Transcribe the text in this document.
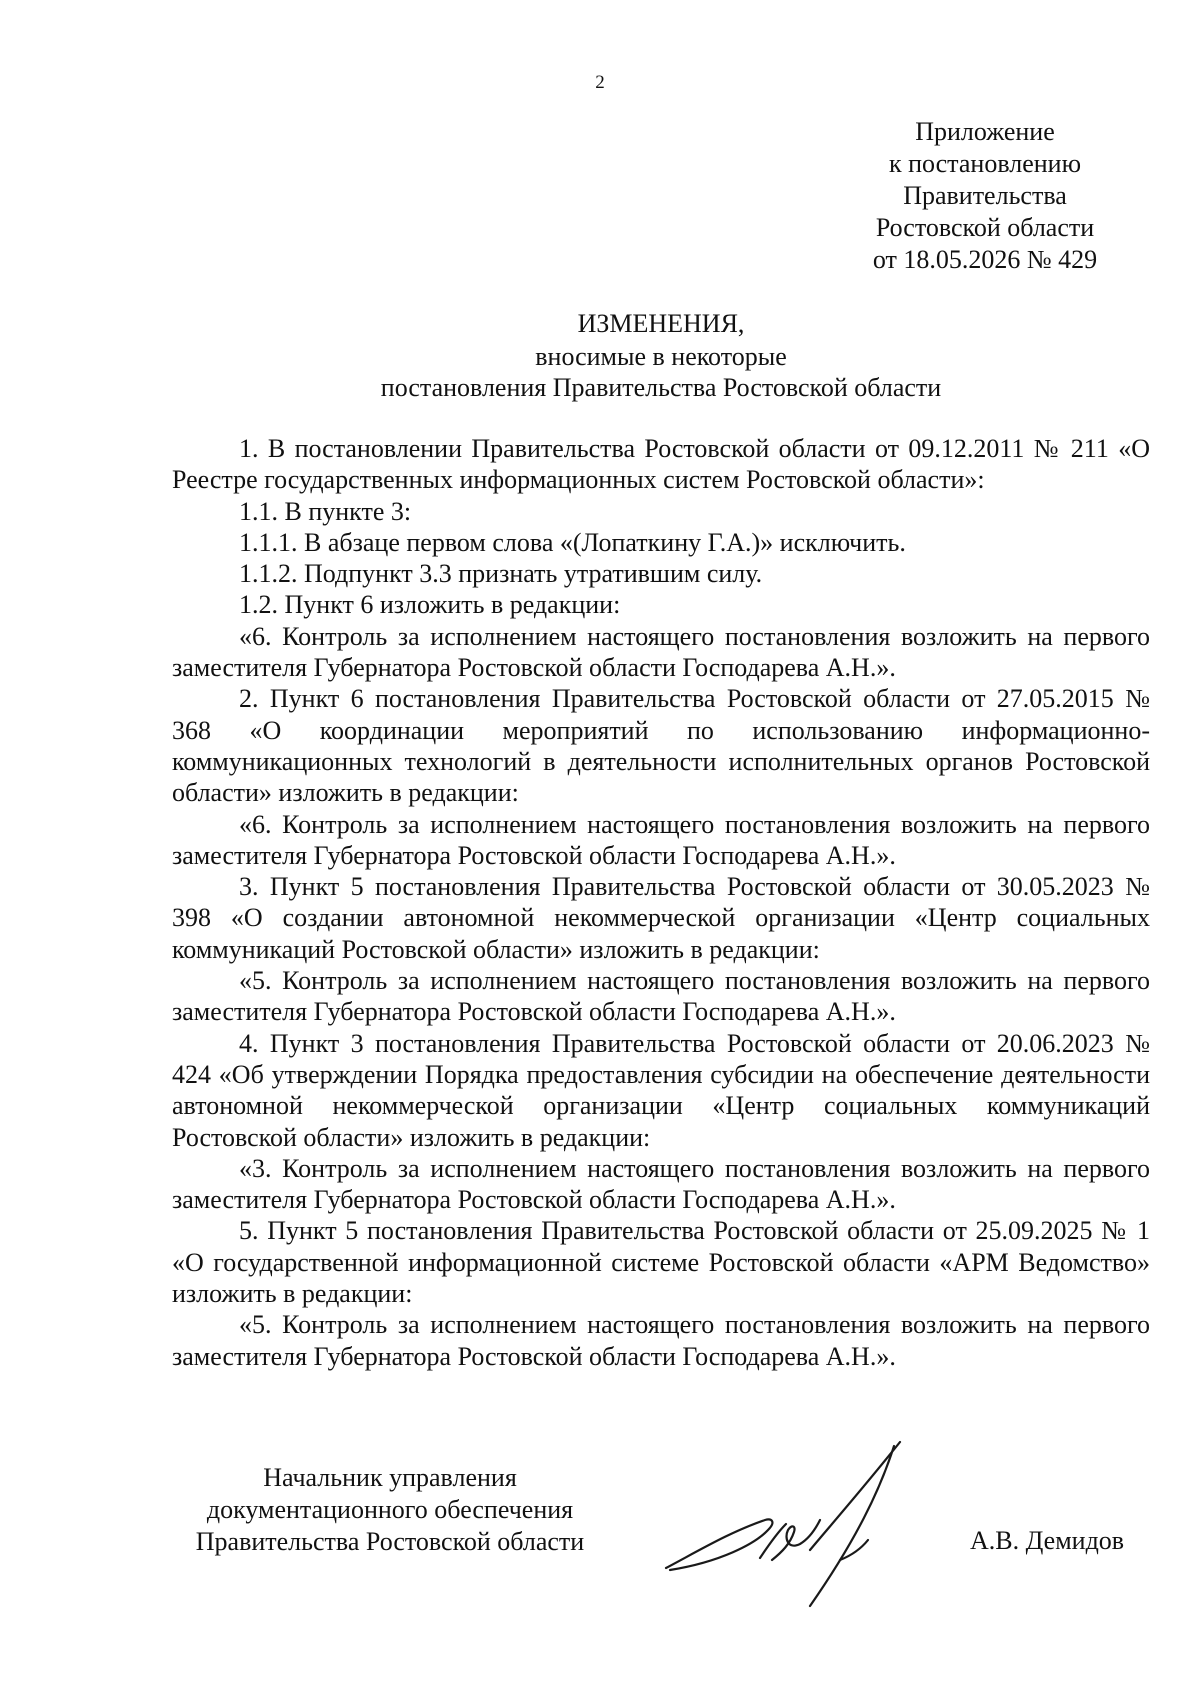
2
Приложение
к постановлению
Правительства
Ростовской области
от 18.05.2026 № 429
ИЗМЕНЕНИЯ,
вносимые в некоторые
постановления Правительства Ростовской области
1. В постановлении Правительства Ростовской области от 09.12.2011 № 211 «О Реестре государственных информационных систем Ростовской области»:
1.1. В пункте 3:
1.1.1. В абзаце первом слова «(Лопаткину Г.А.)» исключить.
1.1.2. Подпункт 3.3 признать утратившим силу.
1.2. Пункт 6 изложить в редакции:
«6. Контроль за исполнением настоящего постановления возложить на первого заместителя Губернатора Ростовской области Господарева А.Н.».
2. Пункт 6 постановления Правительства Ростовской области от 27.05.2015 № 368 «О координации мероприятий по использованию информационно-коммуникационных технологий в деятельности исполнительных органов Ростовской области» изложить в редакции:
«6. Контроль за исполнением настоящего постановления возложить на первого заместителя Губернатора Ростовской области Господарева А.Н.».
3. Пункт 5 постановления Правительства Ростовской области от 30.05.2023 № 398 «О создании автономной некоммерческой организации «Центр социальных коммуникаций Ростовской области» изложить в редакции:
«5. Контроль за исполнением настоящего постановления возложить на первого заместителя Губернатора Ростовской области Господарева А.Н.».
4. Пункт 3 постановления Правительства Ростовской области от 20.06.2023 № 424 «Об утверждении Порядка предоставления субсидии на обеспечение деятельности автономной некоммерческой организации «Центр социальных коммуникаций Ростовской области» изложить в редакции:
«3. Контроль за исполнением настоящего постановления возложить на первого заместителя Губернатора Ростовской области Господарева А.Н.».
5. Пункт 5 постановления Правительства Ростовской области от 25.09.2025 № 1 «О государственной информационной системе Ростовской области «АРМ Ведомство» изложить в редакции:
«5. Контроль за исполнением настоящего постановления возложить на первого заместителя Губернатора Ростовской области Господарева А.Н.».
Начальник управления
документационного обеспечения
Правительства Ростовской области	А.В. Демидов
